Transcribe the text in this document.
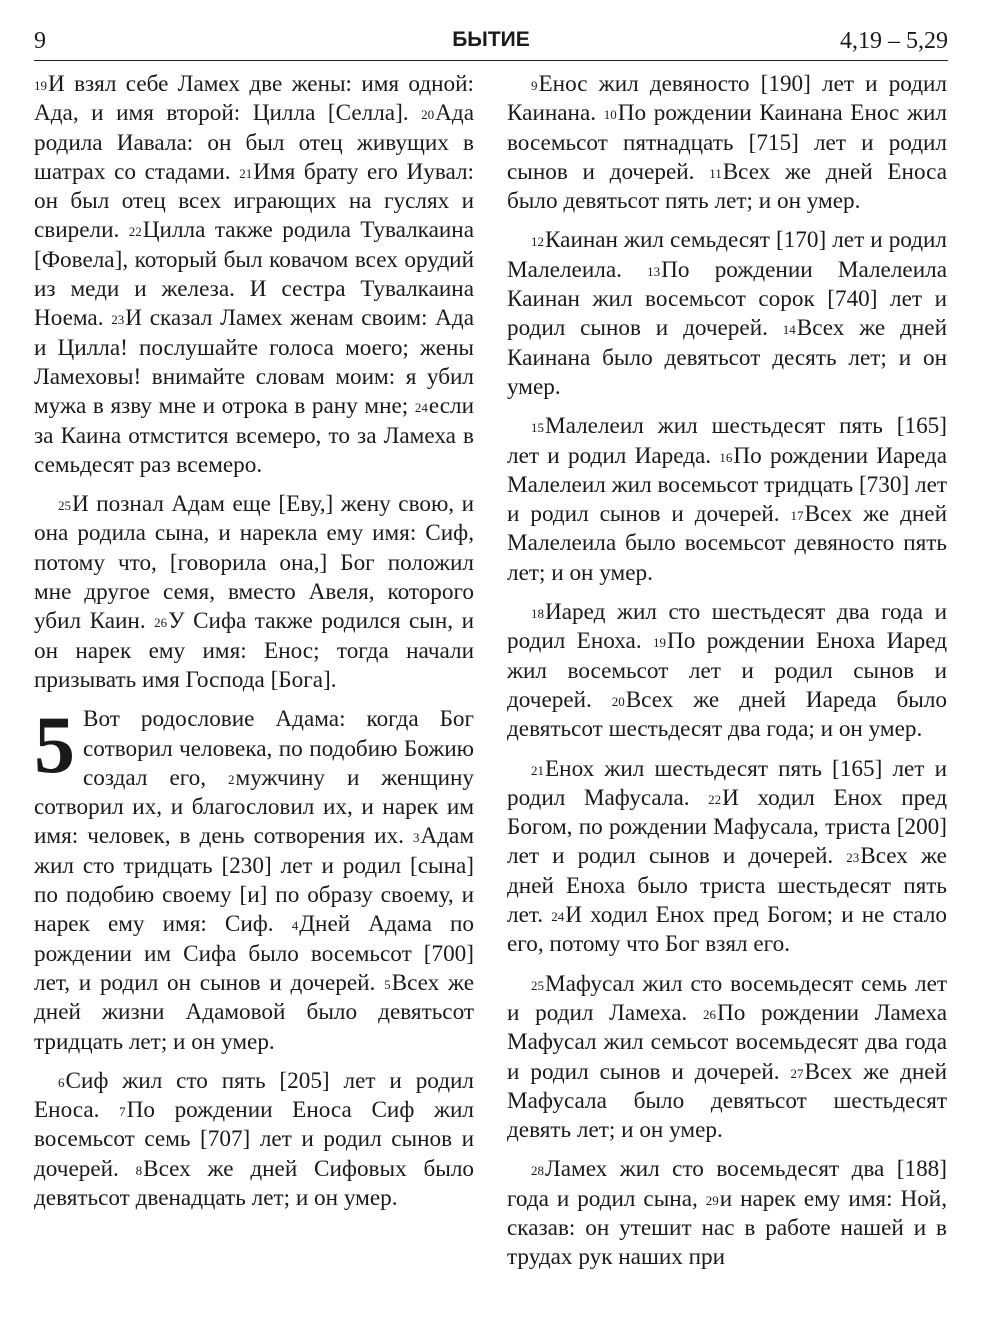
9	БЫТИЕ	4,19 – 5,29

$^{19}$И взял себе Ламех две жены: имя одной: Ада, и имя второй: Цилла [Селла]. $^{20}$Ада родила Иавала: он был отец живущих в шатрах со стадами. $^{21}$Имя брату его Иувал: он был отец всех играющих на гуслях и свирели. $^{22}$Цилла также родила Тувалкаина [Фовела], который был ковачом всех орудий из меди и железа. И сестра Тувалкаина Ноема. $^{23}$И сказал Ламех женам своим: Ада и Цилла! послушайте голоса моего; жены Ламеховы! внимайте словам моим: я убил мужа в язву мне и отрока в рану мне; $^{24}$если за Каина отмстится всемеро, то за Ламеха в семьдесят раз всемеро.

$^{25}$И познал Адам еще [Еву,] жену свою, и она родила сына, и нарекла ему имя: Сиф, потому что, [говорила она,] Бог положил мне другое семя, вместо Авеля, которого убил Каин. $^{26}$У Сифа также родился сын, и он нарек ему имя: Енос; тогда начали призывать имя Господа [Бога].

5 Вот родословие Адама: когда Бог сотворил человека, по подобию Божию создал его, $^2$мужчину и женщину сотворил их, и благословил их, и нарек им имя: человек, в день сотворения их. $^3$Адам жил сто тридцать [230] лет и родил [сына] по подобию своему [и] по образу своему, и нарек ему имя: Сиф. $^4$Дней Адама по рождении им Сифа было восемьсот [700] лет, и родил он сынов и дочерей. $^5$Всех же дней жизни Адамовой было девятьсот тридцать лет; и он умер.

$^6$Сиф жил сто пять [205] лет и родил Еноса. $^7$По рождении Еноса Сиф жил восемьсот семь [707] лет и родил сынов и дочерей. $^8$Всех же дней Сифовых было девятьсот двенадцать лет; и он умер.

$^9$Енос жил девяносто [190] лет и родил Каинана. $^{10}$По рождении Каинана Енос жил восемьсот пятнадцать [715] лет и родил сынов и дочерей. $^{11}$Всех же дней Еноса было девятьсот пять лет; и он умер.

$^{12}$Каинан жил семьдесят [170] лет и родил Малелеила. $^{13}$По рождении Малелеила Каинан жил восемьсот сорок [740] лет и родил сынов и дочерей. $^{14}$Всех же дней Каинана было девятьсот десять лет; и он умер.

$^{15}$Малелеил жил шестьдесят пять [165] лет и родил Иареда. $^{16}$По рождении Иареда Малелеил жил восемьсот тридцать [730] лет и родил сынов и дочерей. $^{17}$Всех же дней Малелеила было восемьсот девяносто пять лет; и он умер.

$^{18}$Иаред жил сто шестьдесят два года и родил Еноха. $^{19}$По рождении Еноха Иаред жил восемьсот лет и родил сынов и дочерей. $^{20}$Всех же дней Иареда было девятьсот шестьдесят два года; и он умер.

$^{21}$Енох жил шестьдесят пять [165] лет и родил Мафусала. $^{22}$И ходил Енох пред Богом, по рождении Мафусала, триста [200] лет и родил сынов и дочерей. $^{23}$Всех же дней Еноха было триста шестьдесят пять лет. $^{24}$И ходил Енох пред Богом; и не стало его, потому что Бог взял его.

$^{25}$Мафусал жил сто восемьдесят семь лет и родил Ламеха. $^{26}$По рождении Ламеха Мафусал жил семьсот восемьдесят два года и родил сынов и дочерей. $^{27}$Всех же дней Мафусала было девятьсот шестьдесят девять лет; и он умер.

$^{28}$Ламех жил сто восемьдесят два [188] года и родил сына, $^{29}$и нарек ему имя: Ной, сказав: он утешит нас в работе нашей и в трудах рук наших при
